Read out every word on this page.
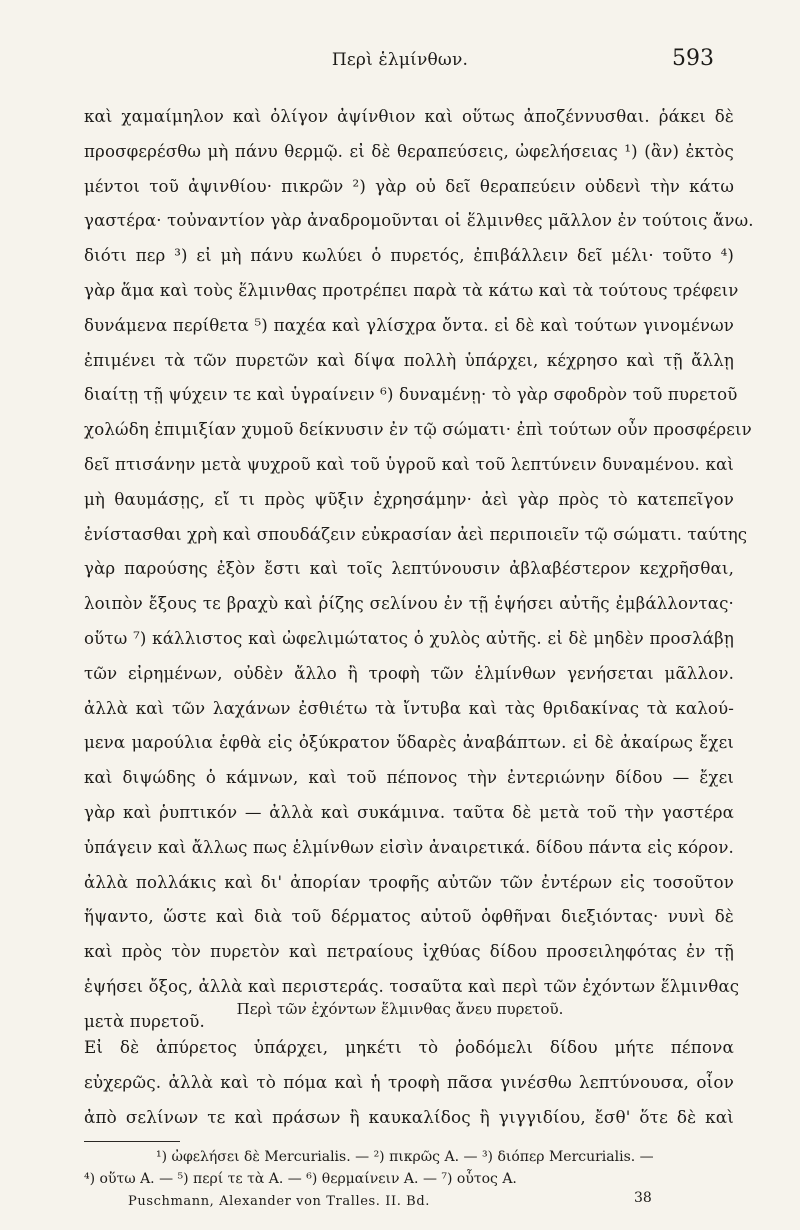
Περὶ ἑλμίνθων.	593
καὶ χαμαίμηλον καὶ ὀλίγον ἀψίνθιον καὶ οὕτως ἀποζέννυσθαι. ῥάκει δὲ
προσφερέσθω μὴ πάνυ θερμῷ. εἰ δὲ θεραπεύσεις, ὠφελήσειας ¹) (ἂν) ἐκτὸς
μέντοι τοῦ ἀψινθίου· πικρῶν ²) γὰρ οὐ δεῖ θεραπεύειν οὐδενὶ τὴν κάτω
γαστέρα· τοὐναντίον γὰρ ἀναδρομοῦνται οἱ ἕλμινθες μᾶλλον ἐν τούτοις ἄνω.
διότι περ ³) εἰ μὴ πάνυ κωλύει ὁ πυρετός, ἐπιβάλλειν δεῖ μέλι· τοῦτο ⁴)
γὰρ ἅμα καὶ τοὺς ἕλμινθας προτρέπει παρὰ τὰ κάτω καὶ τὰ τούτους τρέφειν
δυνάμενα περίθετα ⁵) παχέα καὶ γλίσχρα ὄντα. εἰ δὲ καὶ τούτων γινομένων
ἐπιμένει τὰ τῶν πυρετῶν καὶ δίψα πολλὴ ὑπάρχει, κέχρησο καὶ τῇ ἄλλῃ
διαίτῃ τῇ ψύχειν τε καὶ ὑγραίνειν ⁶) δυναμένῃ· τὸ γὰρ σφοδρὸν τοῦ πυρετοῦ
χολώδη ἐπιμιξίαν χυμοῦ δείκνυσιν ἐν τῷ σώματι· ἐπὶ τούτων οὖν προσφέρειν
δεῖ πτισάνην μετὰ ψυχροῦ καὶ τοῦ ὑγροῦ καὶ τοῦ λεπτύνειν δυναμένου. καὶ
μὴ θαυμάσῃς, εἴ τι πρὸς ψῦξιν ἐχρησάμην· ἀεὶ γὰρ πρὸς τὸ κατεπεῖγον
ἐνίστασθαι χρὴ καὶ σπουδάζειν εὐκρασίαν ἀεὶ περιποιεῖν τῷ σώματι. ταύτης
γὰρ παρούσης ἐξὸν ἔστι καὶ τοῖς λεπτύνουσιν ἀβλαβέστερον κεχρῆσθαι,
λοιπὸν ἔξους τε βραχὺ καὶ ῥίζης σελίνου ἐν τῇ ἑψήσει αὐτῆς ἐμβάλλοντας·
οὕτω ⁷) κάλλιστος καὶ ὠφελιμώτατος ὁ χυλὸς αὐτῆς. εἰ δὲ μηδὲν προσλάβῃ
τῶν εἰρημένων, οὐδὲν ἄλλο ἢ τροφὴ τῶν ἑλμίνθων γενήσεται μᾶλλον.
ἀλλὰ καὶ τῶν λαχάνων ἐσθιέτω τὰ ἴντυβα καὶ τὰς θριδακίνας τὰ καλού-
μενα μαρούλια ἑφθὰ εἰς ὀξύκρατον ὕδαρὲς ἀναβάπτων. εἰ δὲ ἀκαίρως ἔχει
καὶ διψώδης ὁ κάμνων, καὶ τοῦ πέπονος τὴν ἐντεριώνην δίδου — ἔχει
γὰρ καὶ ῥυπτικόν — ἀλλὰ καὶ συκάμινα. ταῦτα δὲ μετὰ τοῦ τὴν γαστέρα
ὑπάγειν καὶ ἄλλως πως ἑλμίνθων εἰσὶν ἀναιρετικά. δίδου πάντα εἰς κόρον.
ἀλλὰ πολλάκις καὶ δι' ἀπορίαν τροφῆς αὐτῶν τῶν ἐντέρων εἰς τοσοῦτον
ἥψαντο, ὥστε καὶ διὰ τοῦ δέρματος αὐτοῦ ὀφθῆναι διεξιόντας· νυνὶ δὲ
καὶ πρὸς τὸν πυρετὸν καὶ πετραίους ἰχθύας δίδου προσειληφότας ἐν τῇ
ἑψήσει ὄξος, ἀλλὰ καὶ περιστεράς. τοσαῦτα καὶ περὶ τῶν ἐχόντων ἕλμινθας
μετὰ πυρετοῦ.
Περὶ τῶν ἐχόντων ἕλμινθας ἄνευ πυρετοῦ.
Εἰ δὲ ἀπύρετος ὑπάρχει, μηκέτι τὸ ῥοδόμελι δίδου μήτε πέπονα
εὐχερῶς. ἀλλὰ καὶ τὸ πόμα καὶ ἡ τροφὴ πᾶσα γινέσθω λεπτύνουσα, οἷον
ἀπὸ σελίνων τε καὶ πράσων ἢ καυκαλίδος ἢ γιγγιδίου, ἔσθ' ὅτε δὲ καὶ
¹) ὠφελήσει δὲ Mercurialis. — ²) πικρῶς A. — ³) διόπερ Mercurialis. —
⁴) οὕτω A. — ⁵) περί τε τὰ A. — ⁶) θερμαίνειν A. — ⁷) οὗτος A.
Puschmann, Alexander von Tralles. II. Bd.	38
